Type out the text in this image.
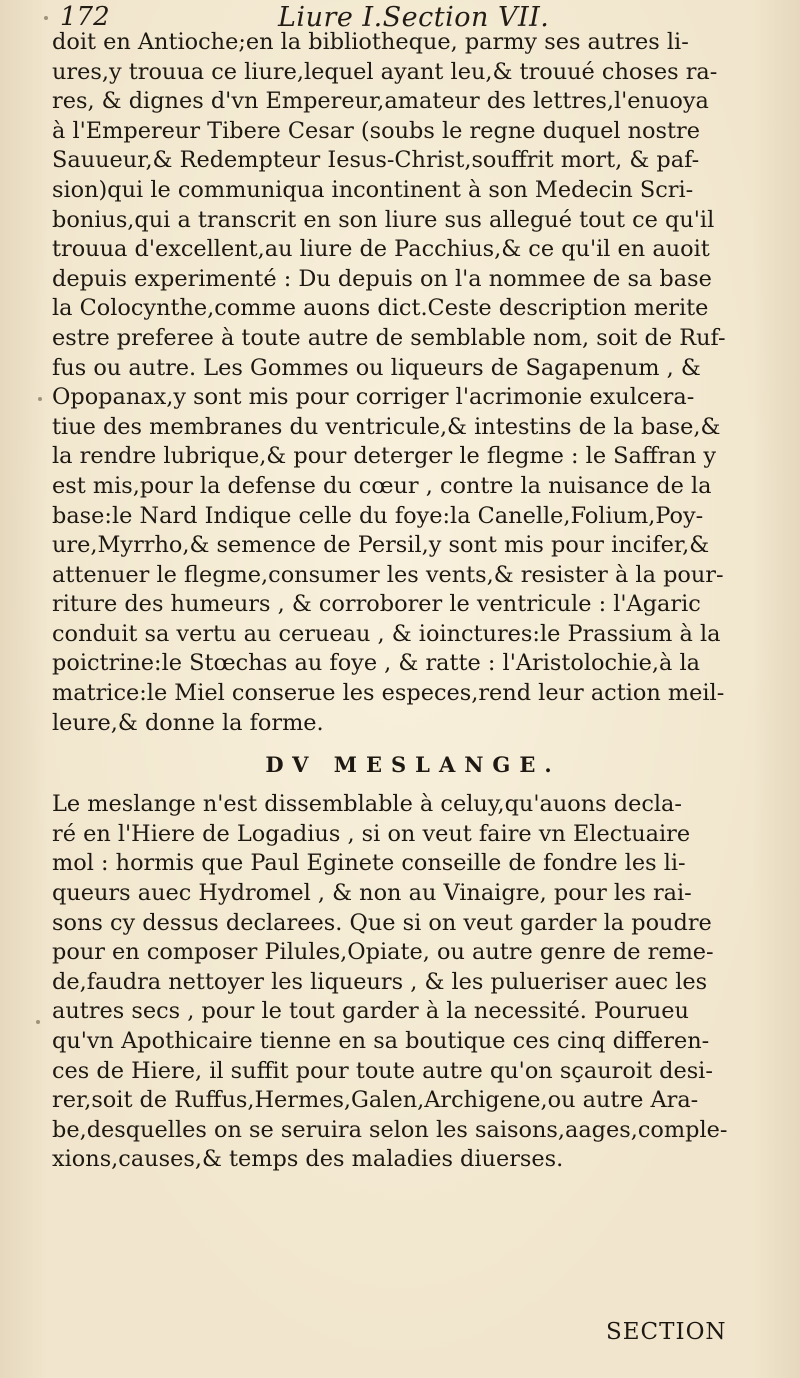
172	Liure I.Section VII.
doit en Antioche;en la bibliotheque, parmy ses autres li-
ures,y trouua ce liure,lequel ayant leu,& trouué choses ra-
res, & dignes d'vn Empereur,amateur des lettres,l'enuoya
à l'Empereur Tibere Cesar (soubs le regne duquel nostre
Sauueur,& Redempteur Iesus-Christ,souffrit mort, & paf-
sion)qui le communiqua incontinent à son Medecin Scri-
bonius,qui a transcrit en son liure sus allegué tout ce qu'il
trouua d'excellent,au liure de Pacchius,& ce qu'il en auoit
depuis experimenté : Du depuis on l'a nommee de sa base
la Colocynthe,comme auons dict.Ceste description merite
estre preferee à toute autre de semblable nom, soit de Ruf-
fus ou autre. Les Gommes ou liqueurs de Sagapenum , &
Opopanax,y sont mis pour corriger l'acrimonie exulcera-
tiue des membranes du ventricule,& intestins de la base,&
la rendre lubrique,& pour deterger le flegme : le Saffran y
est mis,pour la defense du cœur , contre la nuisance de la
base:le Nard Indique celle du foye:la Canelle,Folium,Poy-
ure,Myrrho,& semence de Persil,y sont mis pour incifer,&
attenuer le flegme,consumer les vents,& resister à la pour-
riture des humeurs , & corroborer le ventricule : l'Agaric
conduit sa vertu au cerueau , & ioinctures:le Prassium à la
poictrine:le Stœchas au foye , & ratte : l'Aristolochie,à la
matrice:le Miel conserue les especes,rend leur action meil-
leure,& donne la forme.
DV MESLANGE.
Le meslange n'est dissemblable à celuy,qu'auons decla-
ré en l'Hiere de Logadius , si on veut faire vn Electuaire
mol : hormis que Paul Eginete conseille de fondre les li-
queurs auec Hydromel , & non au Vinaigre, pour les rai-
sons cy dessus declarees. Que si on veut garder la poudre
pour en composer Pilules,Opiate, ou autre genre de reme-
de,faudra nettoyer les liqueurs , & les pulueriser auec les
autres secs , pour le tout garder à la necessité. Pourueu
qu'vn Apothicaire tienne en sa boutique ces cinq differen-
ces de Hiere, il suffit pour toute autre qu'on sçauroit desi-
rer,soit de Ruffus,Hermes,Galen,Archigene,ou autre Ara-
be,desquelles on se seruira selon les saisons,aages,comple-
xions,causes,& temps des maladies diuerses.
SECTION
